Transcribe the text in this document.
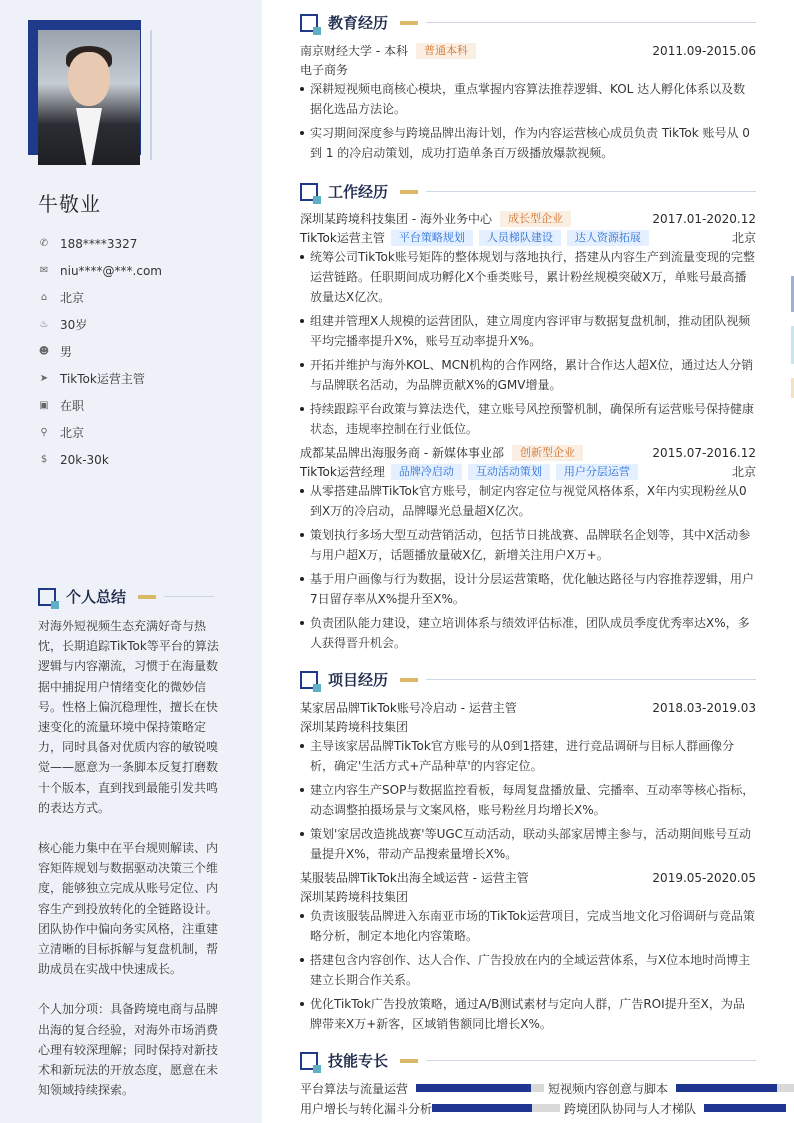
牛敬业
✆ 188****3327
✉ niu****@***.com
⌂ 北京
♨ 30岁
☻ 男
➤ TikTok运营主管
▣ 在职
⚲ 北京
$ 20k-30k
个人总结

对海外短视频生态充满好奇与热忱，长期追踪TikTok等平台的算法逻辑与内容潮流，习惯于在海量数据中捕捉用户情绪变化的微妙信号。性格上偏沉稳理性，擅长在快速变化的流量环境中保持策略定力，同时具备对优质内容的敏锐嗅觉——愿意为一条脚本反复打磨数十个版本，直到找到最能引发共鸣的表达方式。

核心能力集中在平台规则解读、内容矩阵规划与数据驱动决策三个维度，能够独立完成从账号定位、内容生产到投放转化的全链路设计。团队协作中偏向务实风格，注重建立清晰的目标拆解与复盘机制，帮助成员在实战中快速成长。

个人加分项：具备跨境电商与品牌出海的复合经验，对海外市场消费心理有较深理解；同时保持对新技术和新玩法的开放态度，愿意在未知领域持续探索。

教育经历
南京财经大学 - 本科	普通本科	2011.09-2015.06
电子商务
深耕短视频电商核心模块，重点掌握内容算法推荐逻辑、KOL 达人孵化体系以及数据化选品方法论。
实习期间深度参与跨境品牌出海计划，作为内容运营核心成员负责 TikTok 账号从 0 到 1 的冷启动策划，成功打造单条百万级播放爆款视频。
工作经历
深圳某跨境科技集团 - 海外业务中心	成长型企业	2017.01-2020.12
TikTok运营主管	平台策略规划	人员梯队建设	达人资源拓展	北京
统筹公司TikTok账号矩阵的整体规划与落地执行，搭建从内容生产到流量变现的完整运营链路。任职期间成功孵化X个垂类账号，累计粉丝规模突破X万，单账号最高播放量达X亿次。
组建并管理X人规模的运营团队，建立周度内容评审与数据复盘机制，推动团队视频平均完播率提升X%，账号互动率提升X%。
开拓并维护与海外KOL、MCN机构的合作网络，累计合作达人超X位，通过达人分销与品牌联名活动，为品牌贡献X%的GMV增量。
持续跟踪平台政策与算法迭代，建立账号风控预警机制，确保所有运营账号保持健康状态，违规率控制在行业低位。
成都某品牌出海服务商 - 新媒体事业部	创新型企业	2015.07-2016.12
TikTok运营经理	品牌冷启动	互动活动策划	用户分层运营	北京
从零搭建品牌TikTok官方账号，制定内容定位与视觉风格体系，X年内实现粉丝从0到X万的冷启动，品牌曝光总量超X亿次。
策划执行多场大型互动营销活动，包括节日挑战赛、品牌联名企划等，其中X活动参与用户超X万，话题播放量破X亿，新增关注用户X万+。
基于用户画像与行为数据，设计分层运营策略，优化触达路径与内容推荐逻辑，用户7日留存率从X%提升至X%。
负责团队能力建设，建立培训体系与绩效评估标准，团队成员季度优秀率达X%，多人获得晋升机会。
项目经历
某家居品牌TikTok账号冷启动 - 运营主管	2018.03-2019.03
深圳某跨境科技集团
主导该家居品牌TikTok官方账号的从0到1搭建，进行竞品调研与目标人群画像分析，确定'生活方式+产品种草'的内容定位。
建立内容生产SOP与数据监控看板，每周复盘播放量、完播率、互动率等核心指标，动态调整拍摄场景与文案风格，账号粉丝月均增长X%。
策划'家居改造挑战赛'等UGC互动活动，联动头部家居博主参与，活动期间账号互动量提升X%，带动产品搜索量增长X%。
某服装品牌TikTok出海全域运营 - 运营主管	2019.05-2020.05
深圳某跨境科技集团
负责该服装品牌进入东南亚市场的TikTok运营项目，完成当地文化习俗调研与竞品策略分析，制定本地化内容策略。
搭建包含内容创作、达人合作、广告投放在内的全域运营体系，与X位本地时尚博主建立长期合作关系。
优化TikTok广告投放策略，通过A/B测试素材与定向人群，广告ROI提升至X，为品牌带来X万+新客，区域销售额同比增长X%。
技能专长
平台算法与流量运营	短视频内容创意与脚本
用户增长与转化漏斗分析	跨境团队协同与人才梯队
